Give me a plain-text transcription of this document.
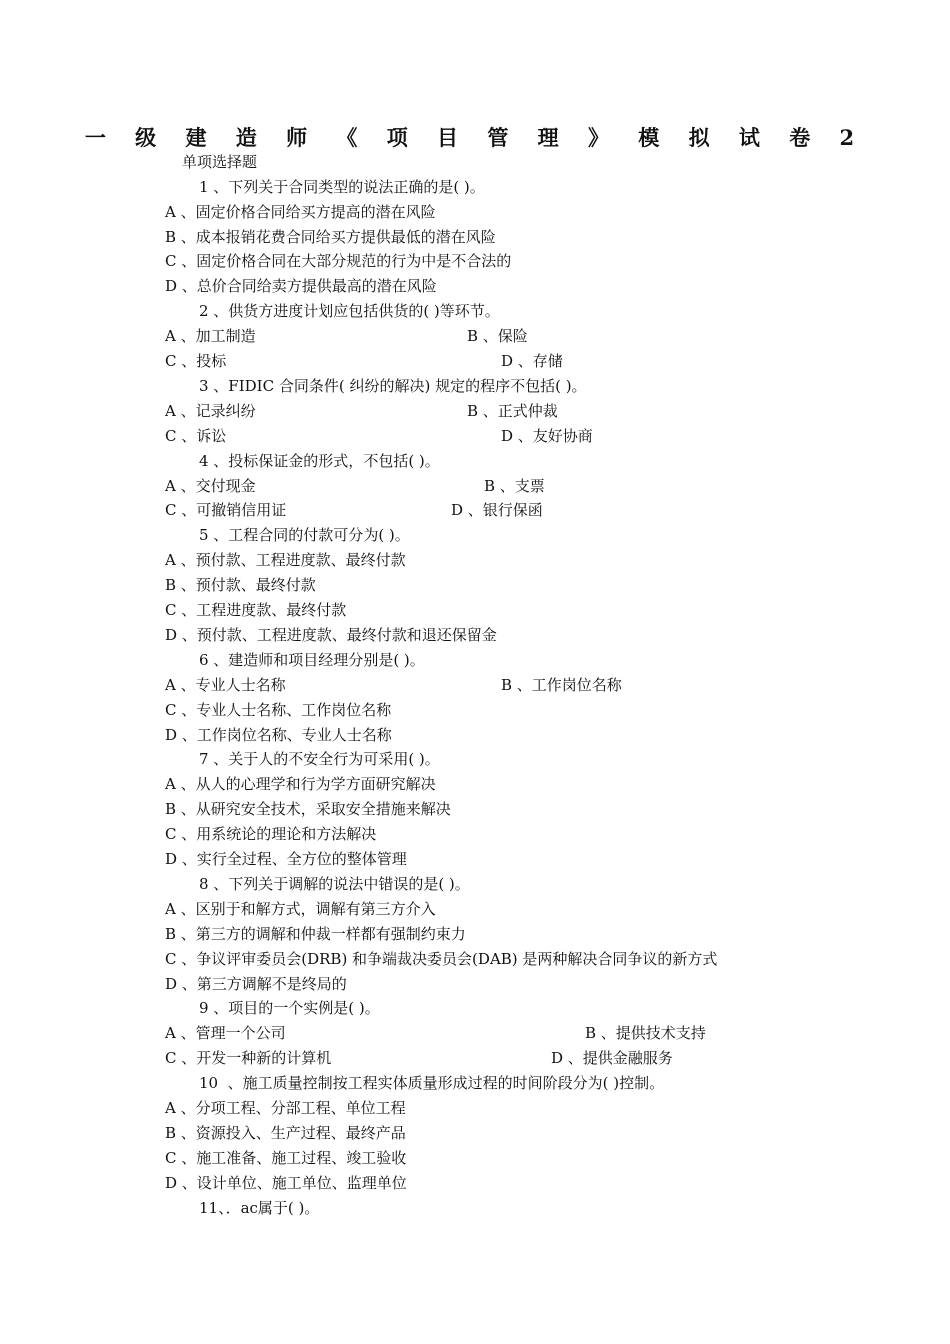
一 级 建 造 师 《 项 目 管 理 》 模 拟 试 卷 2
单项选择题
1 、下列关于合同类型的说法正确的是( )。
A 、固定价格合同给买方提高的潜在风险
B 、成本报销花费合同给买方提供最低的潜在风险
C 、固定价格合同在大部分规范的行为中是不合法的
D 、总价合同给卖方提供最高的潜在风险
2 、供货方进度计划应包括供货的( )等环节。
A 、加工制造	B 、保险
C 、投标	D 、存储
3 、FIDIC 合同条件( 纠纷的解决) 规定的程序不包括( )。
A 、记录纠纷	B 、正式仲裁
C 、诉讼	D 、友好协商
4 、投标保证金的形式，不包括( )。
A 、交付现金	B 、支票
C 、可撤销信用证	D 、银行保函
5 、工程合同的付款可分为( )。
A 、预付款、工程进度款、最终付款
B 、预付款、最终付款
C 、工程进度款、最终付款
D 、预付款、工程进度款、最终付款和退还保留金
6 、建造师和项目经理分别是( )。
A 、专业人士名称	B 、工作岗位名称
C 、专业人士名称、工作岗位名称
D 、工作岗位名称、专业人士名称
7 、关于人的不安全行为可采用( )。
A 、从人的心理学和行为学方面研究解决
B 、从研究安全技术，采取安全措施来解决
C 、用系统论的理论和方法解决
D 、实行全过程、全方位的整体管理
8 、下列关于调解的说法中错误的是( )。
A 、区别于和解方式，调解有第三方介入
B 、第三方的调解和仲裁一样都有强制约束力
C 、争议评审委员会(DRB) 和争端裁决委员会(DAB) 是两种解决合同争议的新方式
D 、第三方调解不是终局的
9 、项目的一个实例是( )。
A 、管理一个公司	B 、提供技术支持
C 、开发一种新的计算机	D 、提供金融服务
10  、施工质量控制按工程实体质量形成过程的时间阶段分为( )控制。
A 、分项工程、分部工程、单位工程
B 、资源投入、生产过程、最终产品
C 、施工准备、施工过程、竣工验收
D 、设计单位、施工单位、监理单位
11、．ac属于( )。
